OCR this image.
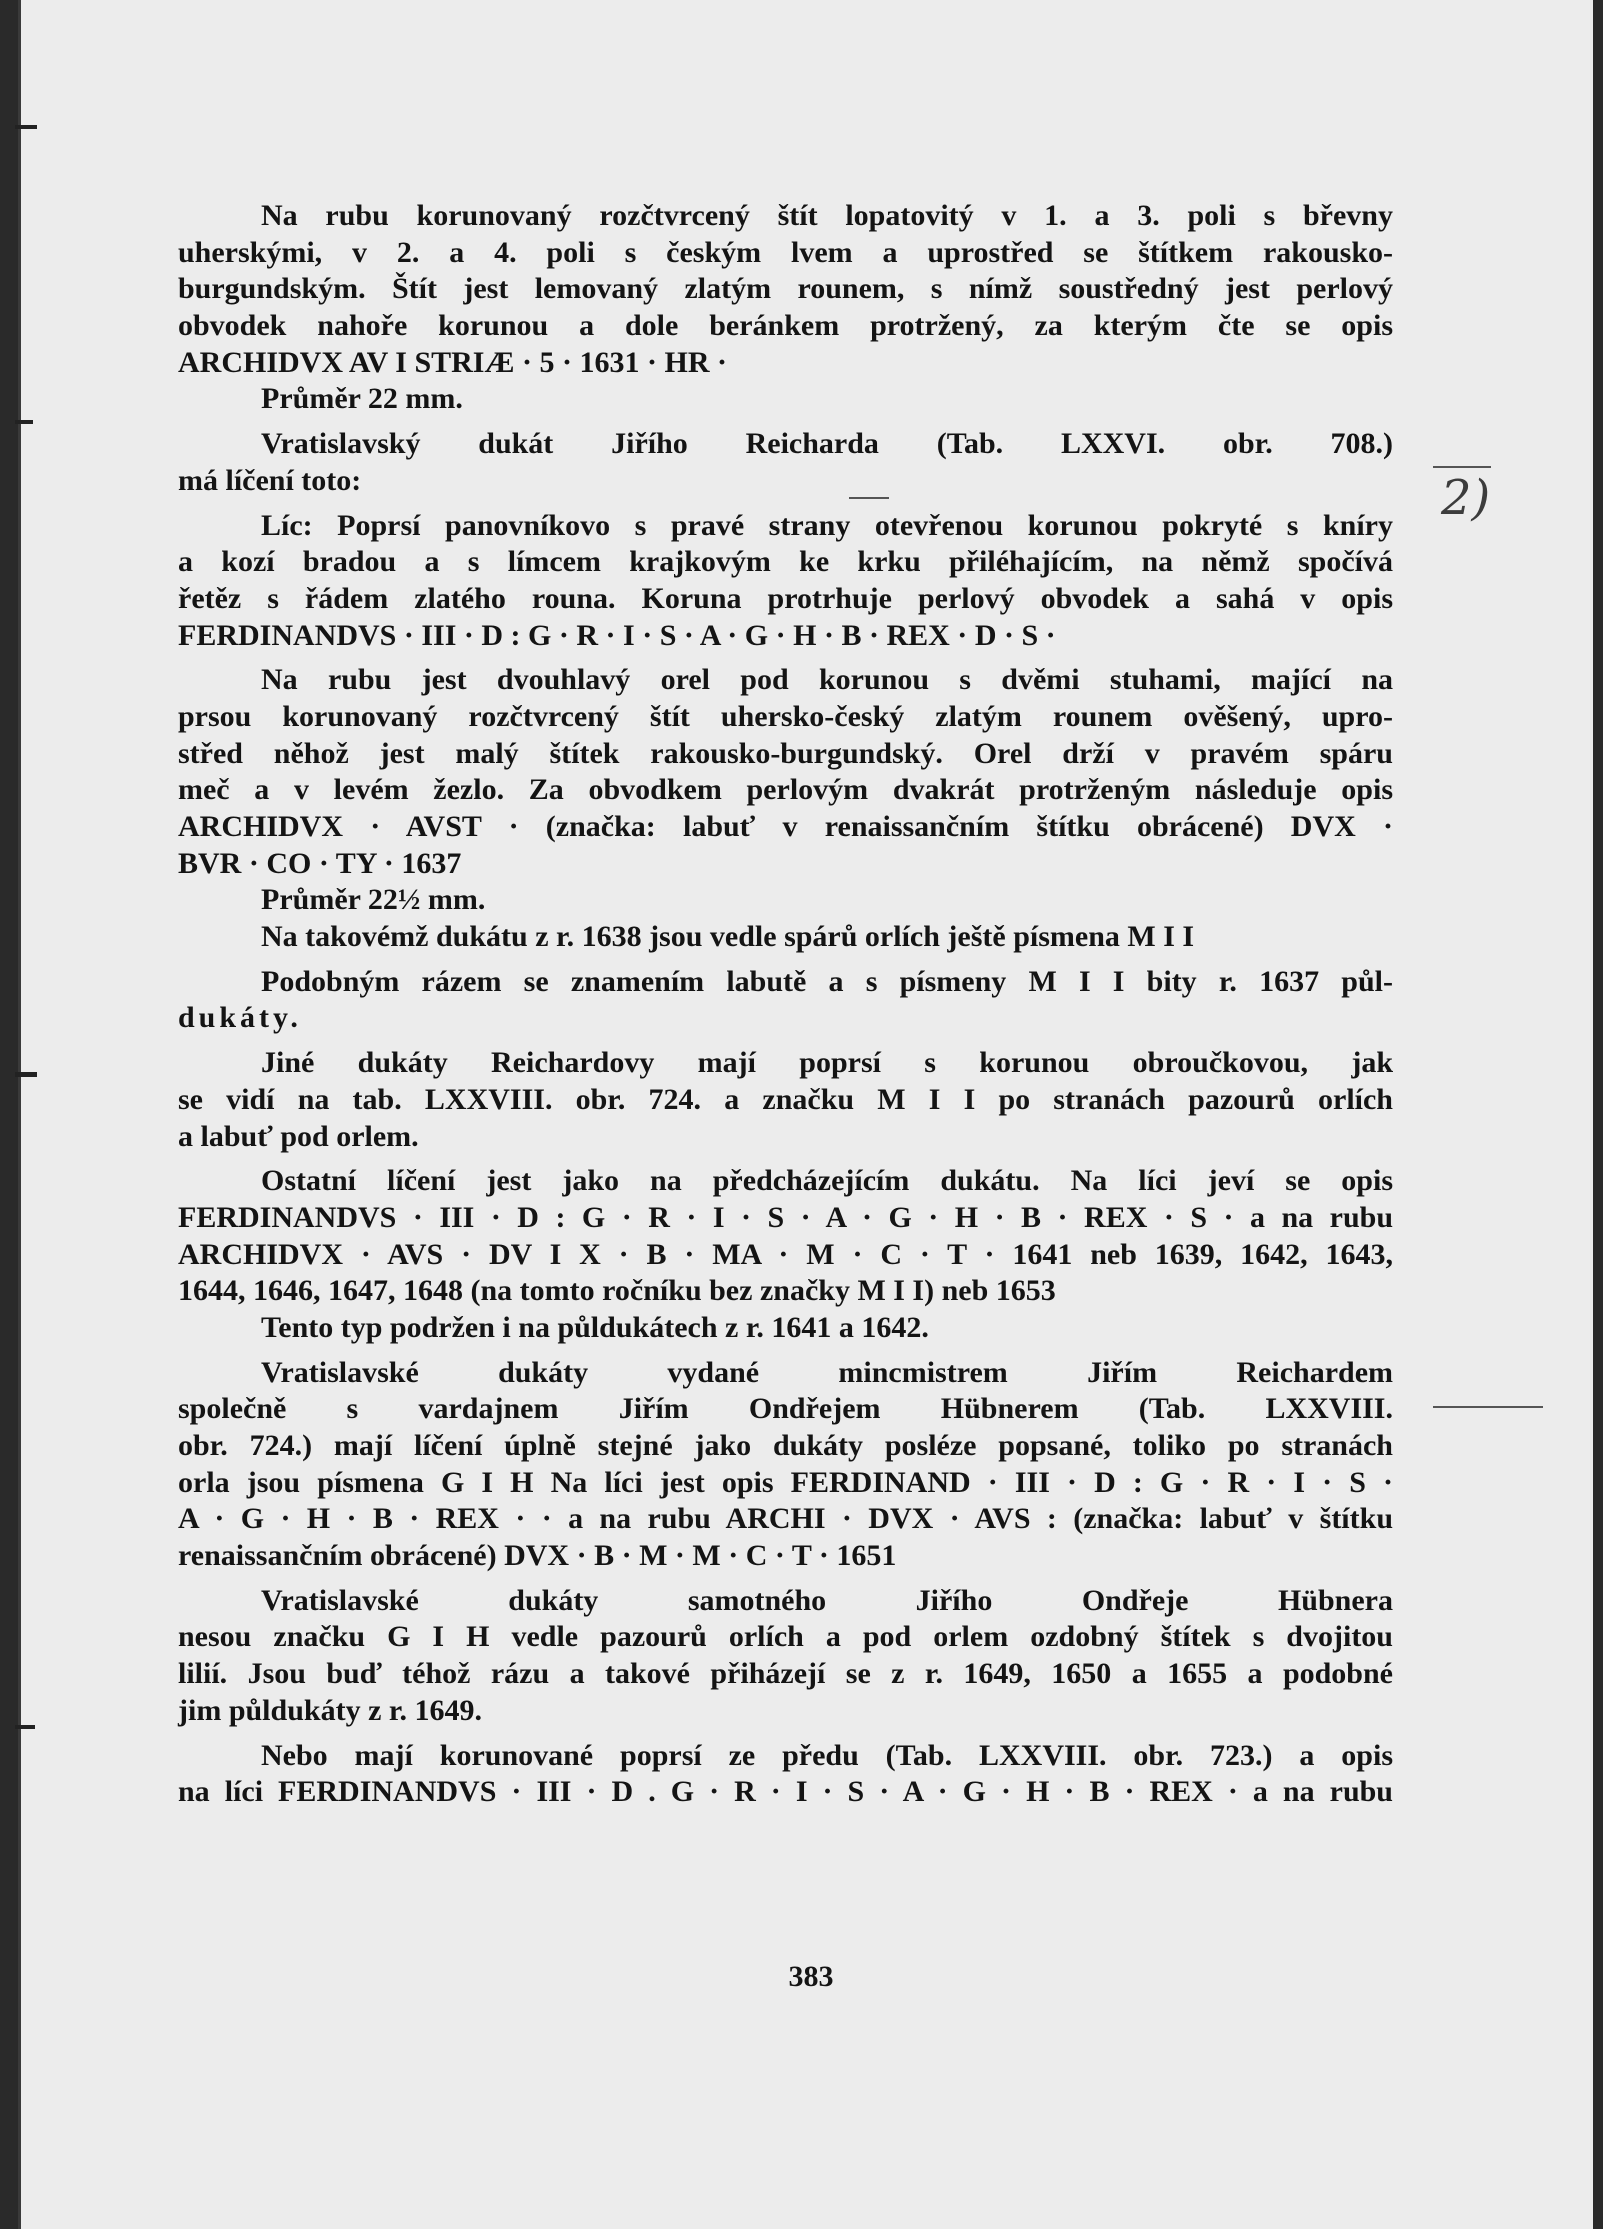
Na rubu korunovaný rozčtvrcený štít lopatovitý v 1. a 3. poli s břevny
uherskými, v 2. a 4. poli s českým lvem a uprostřed se štítkem rakousko-
burgundským. Štít jest lemovaný zlatým rounem, s nímž soustředný jest perlový
obvodek nahoře korunou a dole beránkem protržený, za kterým čte se opis
ARCHIDVX AV I STRIÆ · 5 · 1631 · HR ·
Průměr 22 mm.
Vratislavský dukát Jiřího Reicharda (Tab. LXXVI. obr. 708.)
má líčení toto:
Líc: Poprsí panovníkovo s pravé strany otevřenou korunou pokryté s kníry
a kozí bradou a s límcem krajkovým ke krku přiléhajícím, na němž spočívá
řetěz s řádem zlatého rouna. Koruna protrhuje perlový obvodek a sahá v opis
FERDINANDVS · III · D : G · R · I · S · A · G · H · B · REX · D · S ·
Na rubu jest dvouhlavý orel pod korunou s dvěmi stuhami, mající na
prsou korunovaný rozčtvrcený štít uhersko-český zlatým rounem ověšený, upro-
střed něhož jest malý štítek rakousko-burgundský. Orel drží v pravém spáru
meč a v levém žezlo. Za obvodkem perlovým dvakrát protrženým následuje opis
ARCHIDVX · AVST · (značka: labuť v renaissančním štítku obrácené) DVX ·
BVR · CO · TY · 1637
Průměr 22½ mm.
Na takovémž dukátu z r. 1638 jsou vedle spárů orlích ještě písmena M I I
Podobným rázem se znamením labutě a s písmeny M I I bity r. 1637 půl-
dukáty.
Jiné dukáty Reichardovy mají poprsí s korunou obroučkovou, jak
se vidí na tab. LXXVIII. obr. 724. a značku M I I po stranách pazourů orlích
a labuť pod orlem.
Ostatní líčení jest jako na předcházejícím dukátu. Na líci jeví se opis
FERDINANDVS · III · D : G · R · I · S · A · G · H · B · REX · S · a na rubu
ARCHIDVX · AVS · DV I X · B · MA · M · C · T · 1641 neb 1639, 1642, 1643,
1644, 1646, 1647, 1648 (na tomto ročníku bez značky M I I) neb 1653
Tento typ podržen i na půldukátech z r. 1641 a 1642.
Vratislavské dukáty vydané mincmistrem Jiřím Reichardem
společně s vardajnem Jiřím Ondřejem Hübnerem (Tab. LXXVIII.
obr. 724.) mají líčení úplně stejné jako dukáty posléze popsané, toliko po stranách
orla jsou písmena G I H Na líci jest opis FERDINAND · III · D : G · R · I · S ·
A · G · H · B · REX · · a na rubu ARCHI · DVX · AVS : (značka: labuť v štítku
renaissančním obrácené) DVX · B · M · M · C · T · 1651
Vratislavské dukáty samotného Jiřího Ondřeje Hübnera
nesou značku G I H vedle pazourů orlích a pod orlem ozdobný štítek s dvojitou
lilií. Jsou buď téhož rázu a takové přiházejí se z r. 1649, 1650 a 1655 a podobné
jim půldukáty z r. 1649.
Nebo mají korunované poprsí ze předu (Tab. LXXVIII. obr. 723.) a opis
na líci FERDINANDVS · III · D . G · R · I · S · A · G · H · B · REX · a na rubu
383
2)
